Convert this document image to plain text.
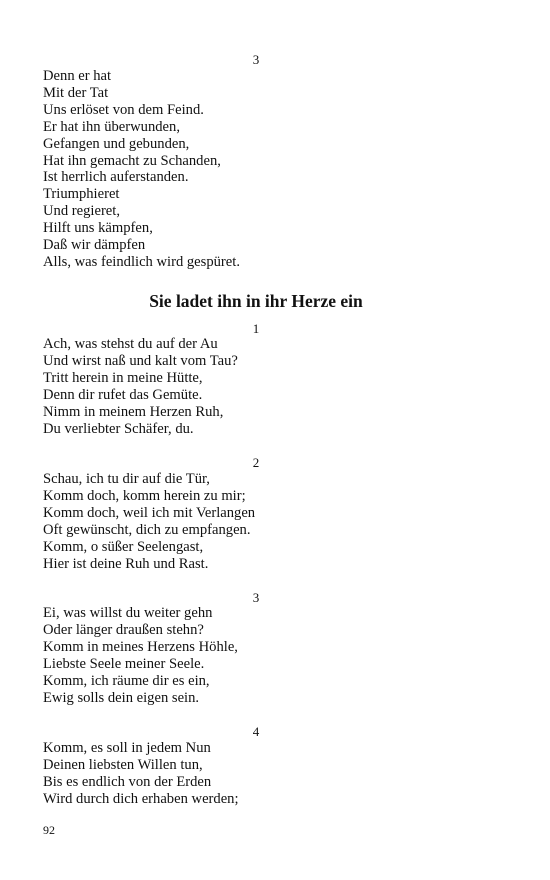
3
Denn er hat
Mit der Tat
Uns erlöset von dem Feind.
Er hat ihn überwunden,
Gefangen und gebunden,
Hat ihn gemacht zu Schanden,
Ist herrlich auferstanden.
Triumphieret
Und regieret,
Hilft uns kämpfen,
Daß wir dämpfen
Alls, was feindlich wird gespüret.
Sie ladet ihn in ihr Herze ein
1
Ach, was stehst du auf der Au
Und wirst naß und kalt vom Tau?
Tritt herein in meine Hütte,
Denn dir rufet das Gemüte.
Nimm in meinem Herzen Ruh,
Du verliebter Schäfer, du.
2
Schau, ich tu dir auf die Tür,
Komm doch, komm herein zu mir;
Komm doch, weil ich mit Verlangen
Oft gewünscht, dich zu empfangen.
Komm, o süßer Seelengast,
Hier ist deine Ruh und Rast.
3
Ei, was willst du weiter gehn
Oder länger draußen stehn?
Komm in meines Herzens Höhle,
Liebste Seele meiner Seele.
Komm, ich räume dir es ein,
Ewig solls dein eigen sein.
4
Komm, es soll in jedem Nun
Deinen liebsten Willen tun,
Bis es endlich von der Erden
Wird durch dich erhaben werden;
92
